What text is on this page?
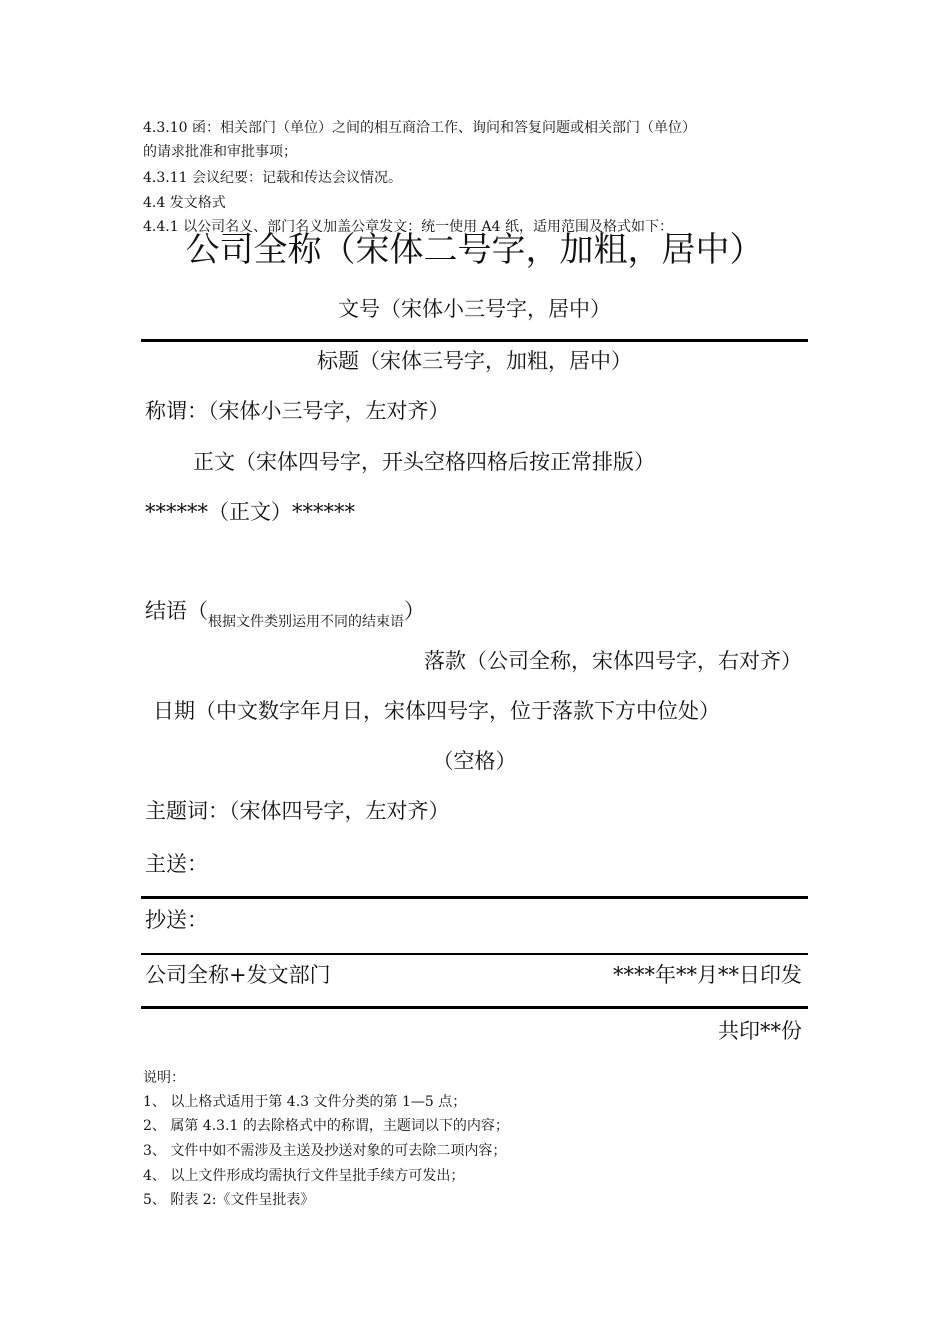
4.3.10 函：相关部门（单位）之间的相互商洽工作、询问和答复问题或相关部门（单位）
的请求批准和审批事项；
4.3.11 会议纪要：记载和传达会议情况。
4.4 发文格式
4.4.1 以公司名义、部门名义加盖公章发文：统一使用 A4 纸，适用范围及格式如下：
公司全称（宋体二号字，加粗，居中）
文号（宋体小三号字，居中）
标题（宋体三号字，加粗，居中）
称谓：（宋体小三号字，左对齐）
正文（宋体四号字，开头空格四格后按正常排版）
******（正文）******
结语（根据文件类别运用不同的结束语）
落款（公司全称，宋体四号字，右对齐）
日期（中文数字年月日，宋体四号字，位于落款下方中位处）
（空格）
主题词：（宋体四号字，左对齐）
主送：
抄送：
公司全称+发文部门	****年**月**日印发
共印**份
说明：
1、 以上格式适用于第 4.3 文件分类的第 1—5 点；
2、 属第 4.3.1 的去除格式中的称谓，主题词以下的内容；
3、 文件中如不需涉及主送及抄送对象的可去除二项内容；
4、 以上文件形成均需执行文件呈批手续方可发出；
5、 附表 2:《文件呈批表》
